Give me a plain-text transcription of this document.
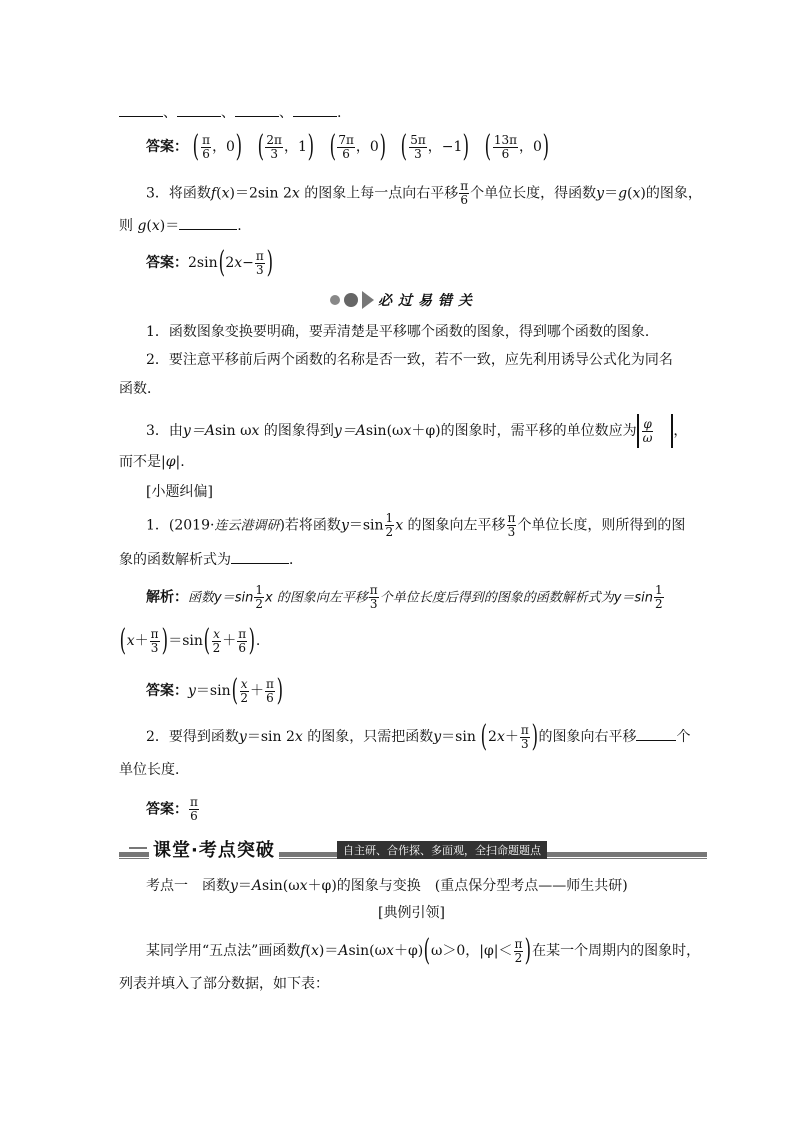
、	、	、	.
答案： ( $\frac{\pi}{6}$ ，0) ( $\frac{2\pi}{3}$ ，1) ( $\frac{7\pi}{6}$ ，0) ( $\frac{5\pi}{3}$ ，−1) ( $\frac{13\pi}{6}$ ，0)
3．将函数f(x)＝2sin 2x 的图象上每一点向右平移 $\frac{\pi}{6}$ 个单位长度，得函数y＝g(x)的图象，
则 g(x)＝	.
答案：$2\sin(2x- \frac{\pi}{3}$ )
必过易错关
1．函数图象变换要明确，要弄清楚是平移哪个函数的图象，得到哪个函数的图象．
2．要注意平移前后两个函数的名称是否一致，若不一致，应先利用诱导公式化为同名
函数．
3．由y＝Asin ωx 的图象得到y＝Asin(ωx＋φ)的图象时，需平移的单位数应为 $\frac{\varphi}{\omega}$ ，
而不是|φ|.
[小题纠偏]
1．(2019·连云港调研)若将函数$y=\sin \frac{1}{2}$ x 的图象向左平移 $\frac{\pi}{3}$ 个单位长度，则所得到的图
象的函数解析式为	．
解析：函数$y=\sin \frac{1}{2}$ x 的图象向左平移 $\frac{\pi}{3}$ 个单位长度后得到的图象的函数解析式为$y=\sin \frac{1}{2}$
$(x+ \frac{\pi}{3} )=\sin( \frac{x}{2} + \frac{\pi}{6}$ ).
答案：$y=\sin( \frac{x}{2} + \frac{\pi}{6}$ )
2．要得到函数y＝sin 2x 的图象，只需把函数y＝sin ($2x+ \frac{\pi}{3}$ )的图象向右平移	个
单位长度．
答案： $\frac{\pi}{6}$
课堂·考点突破	自主研、合作探、多面观，全扫命题题点
考点一　函数y＝Asin(ωx＋φ)的图象与变换　(重点保分型考点——师生共研)
[典例引领]
某同学用“五点法”画函数f(x)＝Asin(ωx＋φ)(ω＞0，$|\varphi|< \frac{\pi}{2}$ )在某一个周期内的图象时，
列表并填入了部分数据，如下表：
